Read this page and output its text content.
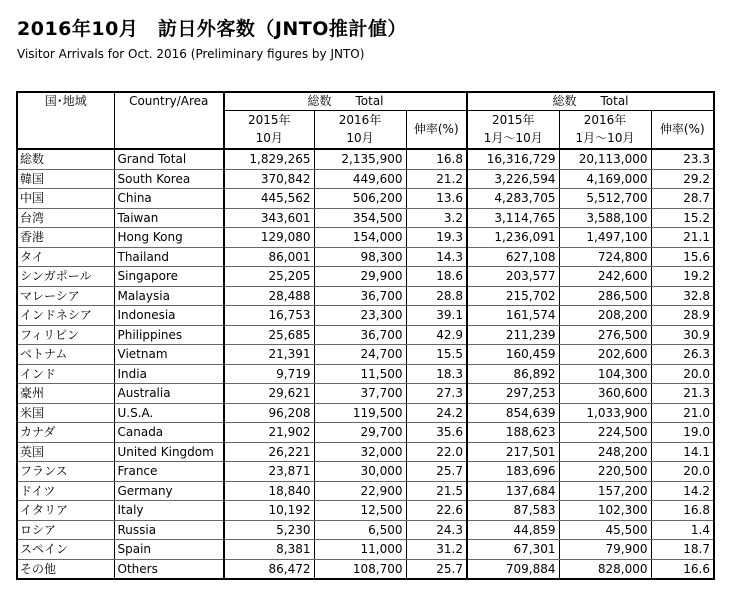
2016年10月　訪日外客数（JNTO推計値）
Visitor Arrivals for Oct. 2016 (Preliminary figures by JNTO)
国･地域	Country/Area	総数　　Total			総数　　Total		
		2015年	2016年	伸率(%)	2015年	2016年	伸率(%)
		10月	10月		1月～10月	1月～10月	
総数	Grand Total	1,829,265	2,135,900	16.8	16,316,729	20,113,000	23.3
韓国	South Korea	370,842	449,600	21.2	3,226,594	4,169,000	29.2
中国	China	445,562	506,200	13.6	4,283,705	5,512,700	28.7
台湾	Taiwan	343,601	354,500	3.2	3,114,765	3,588,100	15.2
香港	Hong Kong	129,080	154,000	19.3	1,236,091	1,497,100	21.1
タイ	Thailand	86,001	98,300	14.3	627,108	724,800	15.6
シンガポール	Singapore	25,205	29,900	18.6	203,577	242,600	19.2
マレーシア	Malaysia	28,488	36,700	28.8	215,702	286,500	32.8
インドネシア	Indonesia	16,753	23,300	39.1	161,574	208,200	28.9
フィリピン	Philippines	25,685	36,700	42.9	211,239	276,500	30.9
ベトナム	Vietnam	21,391	24,700	15.5	160,459	202,600	26.3
インド	India	9,719	11,500	18.3	86,892	104,300	20.0
豪州	Australia	29,621	37,700	27.3	297,253	360,600	21.3
米国	U.S.A.	96,208	119,500	24.2	854,639	1,033,900	21.0
カナダ	Canada	21,902	29,700	35.6	188,623	224,500	19.0
英国	United Kingdom	26,221	32,000	22.0	217,501	248,200	14.1
フランス	France	23,871	30,000	25.7	183,696	220,500	20.0
ドイツ	Germany	18,840	22,900	21.5	137,684	157,200	14.2
イタリア	Italy	10,192	12,500	22.6	87,583	102,300	16.8
ロシア	Russia	5,230	6,500	24.3	44,859	45,500	1.4
スペイン	Spain	8,381	11,000	31.2	67,301	79,900	18.7
その他	Others	86,472	108,700	25.7	709,884	828,000	16.6
